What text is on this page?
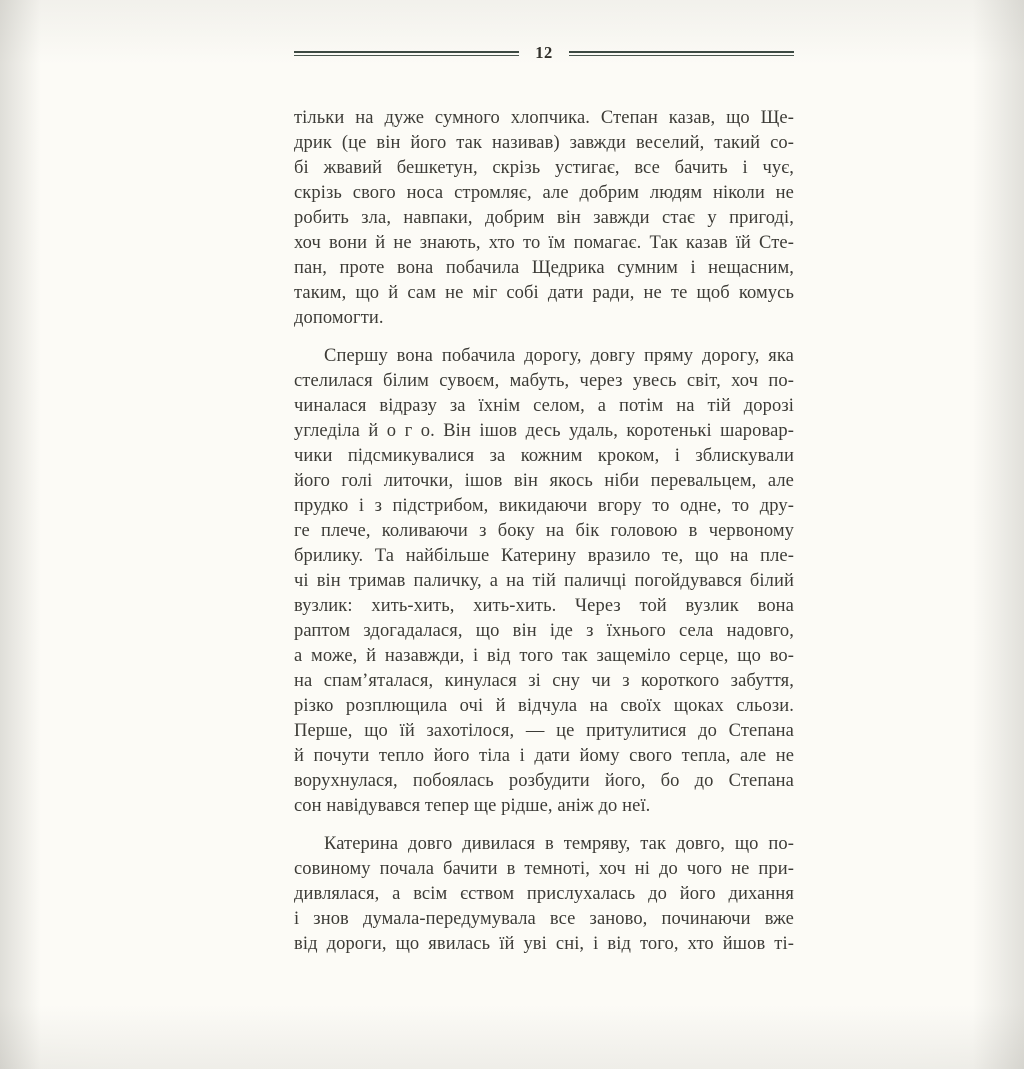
12

тільки на дуже сумного хлопчика. Степан казав, що Ще-
дрик (це він його так називав) завжди веселий, такий со-
бі жвавий бешкетун, скрізь устигає, все бачить і чує,
скрізь свого носа стромляє, але добрим людям ніколи не
робить зла, навпаки, добрим він завжди стає у пригоді,
хоч вони й не знають, хто то їм помагає. Так казав їй Сте-
пан, проте вона побачила Щедрика сумним і нещасним,
таким, що й сам не міг собі дати ради, не те щоб комусь
допомогти.

Спершу вона побачила дорогу, довгу пряму дорогу, яка
стелилася білим сувоєм, мабуть, через увесь світ, хоч по-
чиналася відразу за їхнім селом, а потім на тій дорозі
угледіла й о г о. Він ішов десь удаль, коротенькі шаровар-
чики підсмикувалися за кожним кроком, і зблискували
його голі литочки, ішов він якось ніби перевальцем, але
прудко і з підстрибом, викидаючи вгору то одне, то дру-
ге плече, коливаючи з боку на бік головою в червоному
брилику. Та найбільше Катерину вразило те, що на пле-
чі він тримав паличку, а на тій паличці погойдувався білий
вузлик: хить-хить, хить-хить. Через той вузлик вона
раптом здогадалася, що він іде з їхнього села надовго,
а може, й назавжди, і від того так защеміло серце, що во-
на спам’яталася, кинулася зі сну чи з короткого забуття,
різко розплющила очі й відчула на своїх щоках сльози.
Перше, що їй захотілося, — це притулитися до Степана
й почути тепло його тіла і дати йому свого тепла, але не
ворухнулася, побоялась розбудити його, бо до Степана
сон навідувався тепер ще рідше, аніж до неї.

Катерина довго дивилася в темряву, так довго, що по-
совиному почала бачити в темноті, хоч ні до чого не при-
дивлялася, а всім єством прислухалась до його дихання
і знов думала-передумувала все заново, починаючи вже
від дороги, що явилась їй уві сні, і від того, хто йшов ті-
